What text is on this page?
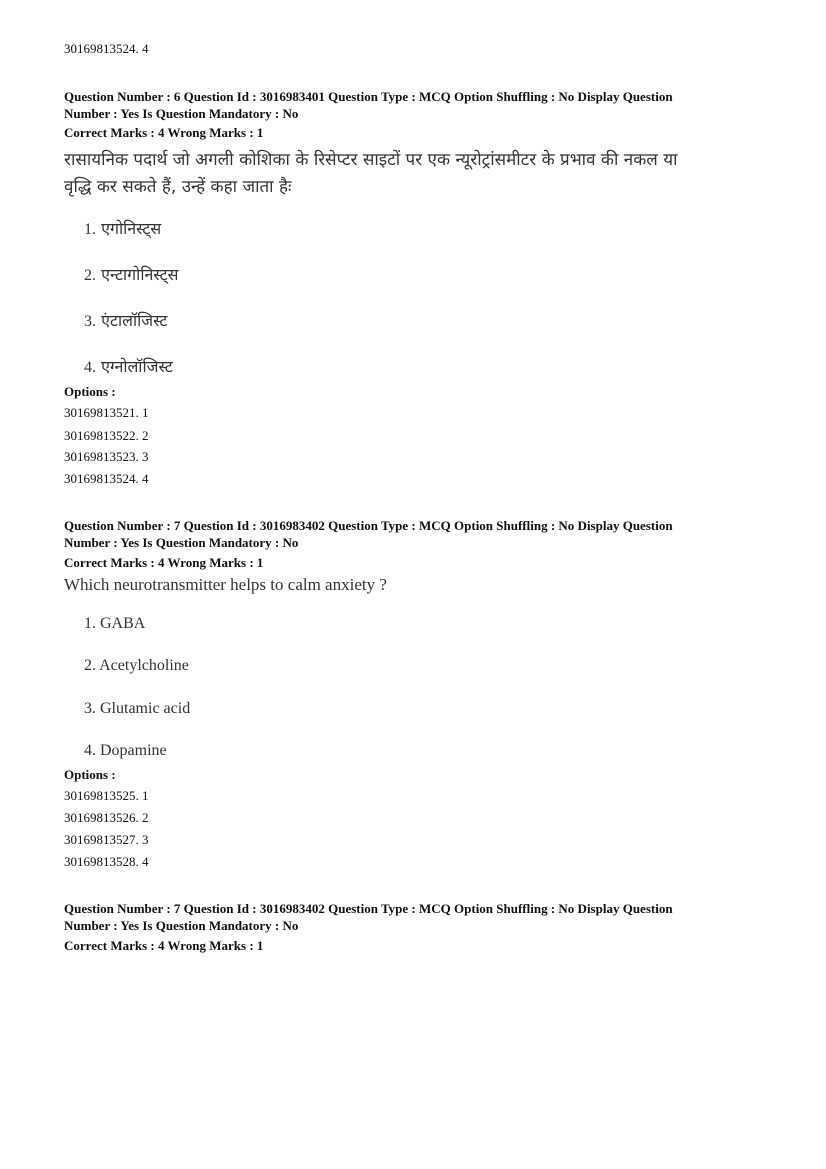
30169813524. 4
Question Number : 6 Question Id : 3016983401 Question Type : MCQ Option Shuffling : No Display Question
Number : Yes Is Question Mandatory : No
Correct Marks : 4 Wrong Marks : 1
रासायनिक पदार्थ जो अगली कोशिका के रिसेप्टर साइटों पर एक न्यूरोट्रांसमीटर के प्रभाव की नकल या
वृद्धि कर सकते हैं, उन्हें कहा जाता हैः
1. एगोनिस्ट्स
2. एन्टागोनिस्ट्स
3. एंटालॉजिस्ट
4. एग्नोलॉजिस्ट
Options :
30169813521. 1
30169813522. 2
30169813523. 3
30169813524. 4
Question Number : 7 Question Id : 3016983402 Question Type : MCQ Option Shuffling : No Display Question
Number : Yes Is Question Mandatory : No
Correct Marks : 4 Wrong Marks : 1
Which neurotransmitter helps to calm anxiety ?
1. GABA
2. Acetylcholine
3. Glutamic acid
4. Dopamine
Options :
30169813525. 1
30169813526. 2
30169813527. 3
30169813528. 4
Question Number : 7 Question Id : 3016983402 Question Type : MCQ Option Shuffling : No Display Question
Number : Yes Is Question Mandatory : No
Correct Marks : 4 Wrong Marks : 1
